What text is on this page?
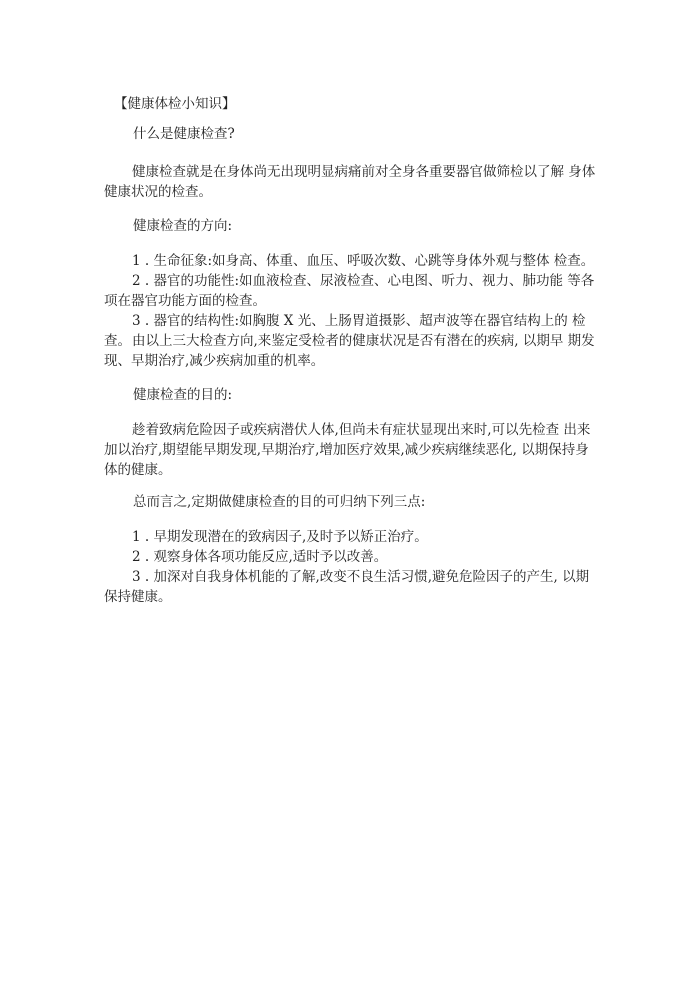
【健康体检小知识】

什么是健康检查?

健康检查就是在身体尚无出现明显病痛前对全身各重要器官做筛检以了解 身体健康状况的检查。

健康检查的方向:

1 . 生命征象:如身高、体重、血压、呼吸次数、心跳等身体外观与整体 检查。

2 . 器官的功能性:如血液检查、尿液检查、心电图、听力、视力、肺功能 等各项在器官功能方面的检查。

3 . 器官的结构性:如胸腹 X 光、上肠胃道摄影、超声波等在器官结构上的 检查。 由以上三大检查方向,来鉴定受检者的健康状况是否有潜在的疾病, 以期早 期发现、早期治疗,减少疾病加重的机率。

健康检查的目的:

趁着致病危险因子或疾病潜伏人体,但尚未有症状显现出来时,可以先检查 出来加以治疗,期望能早期发现,早期治疗,增加医疗效果,减少疾病继续恶化, 以期保持身体的健康。

总而言之,定期做健康检查的目的可归纳下列三点:

1 . 早期发现潜在的致病因子,及时予以矫正治疗。

2 . 观察身体各项功能反应,适时予以改善。

3 . 加深对自我身体机能的了解,改变不良生活习惯,避免危险因子的产生, 以期保持健康。
